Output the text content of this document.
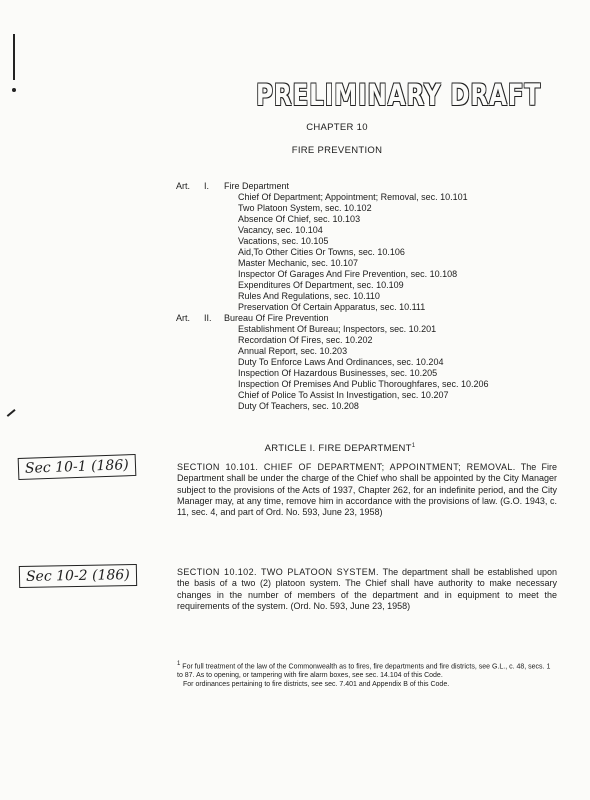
PRELIMINARY DRAFT
CHAPTER 10
FIRE PREVENTION
Art. I. Fire Department
Chief Of Department; Appointment; Removal, sec. 10.101
Two Platoon System, sec. 10.102
Absence Of Chief, sec. 10.103
Vacancy, sec. 10.104
Vacations, sec. 10.105
Aid,To Other Cities Or Towns, sec. 10.106
Master Mechanic, sec. 10.107
Inspector Of Garages And Fire Prevention, sec. 10.108
Expenditures Of Department, sec. 10.109
Rules And Regulations, sec. 10.110
Preservation Of Certain Apparatus, sec. 10.111
Art. II. Bureau Of Fire Prevention
Establishment Of Bureau; Inspectors, sec. 10.201
Recordation Of Fires, sec. 10.202
Annual Report, sec. 10.203
Duty To Enforce Laws And Ordinances, sec. 10.204
Inspection Of Hazardous Businesses, sec. 10.205
Inspection Of Premises And Public Thoroughfares, sec. 10.206
Chief of Police To Assist In Investigation, sec. 10.207
Duty Of Teachers, sec. 10.208
ARTICLE I. FIRE DEPARTMENT$^1$
Sec 10-1 (186)	SECTION 10.101. CHIEF OF DEPARTMENT; APPOINTMENT; REMOVAL. The Fire Department shall be under the charge of the Chief who shall be appointed by the City Manager subject to the provisions of the Acts of 1937, Chapter 262, for an indefinite period, and the City Manager may, at any time, remove him in accordance with the provisions of law. (G.O. 1943, c. 11, sec. 4, and part of Ord. No. 593, June 23, 1958)
Sec 10-2 (186)	SECTION 10.102. TWO PLATOON SYSTEM. The department shall be established upon the basis of a two (2) platoon system. The Chief shall have authority to make necessary changes in the number of members of the department and in equipment to meet the requirements of the system. (Ord. No. 593, June 23, 1958)
$^1$ For full treatment of the law of the Commonwealth as to fires, fire departments and fire districts, see G.L., c. 48, secs. 1 to 87. As to opening, or tampering with fire alarm boxes, see sec. 14.104 of this Code.
For ordinances pertaining to fire districts, see sec. 7.401 and Appendix B of this Code.
